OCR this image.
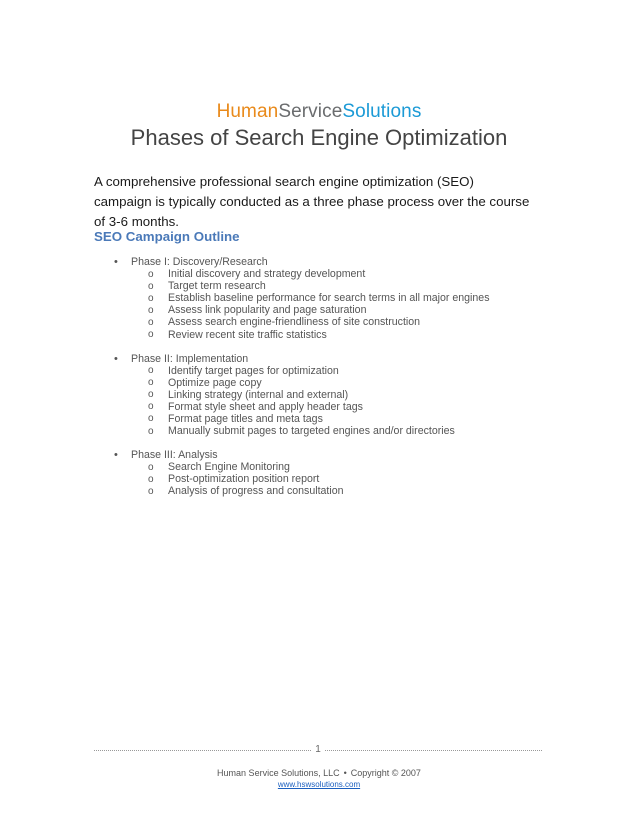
HumanServiceSolutions
Phases of Search Engine Optimization
A comprehensive professional search engine optimization (SEO) campaign is typically conducted as a three phase process over the course of 3-6 months.
SEO Campaign Outline
•	Phase I: Discovery/Research
o	Initial discovery and strategy development
o	Target term research
o	Establish baseline performance for search terms in all major engines
o	Assess link popularity and page saturation
o	Assess search engine-friendliness of site construction
o	Review recent site traffic statistics
•	Phase II: Implementation
o	Identify target pages for optimization
o	Optimize page copy
o	Linking strategy (internal and external)
o	Format style sheet and apply header tags
o	Format page titles and meta tags
o	Manually submit pages to targeted engines and/or directories
•	Phase III: Analysis
o	Search Engine Monitoring
o	Post-optimization position report
o	Analysis of progress and consultation
1
Human Service Solutions, LLC • Copyright © 2007
www.hswsolutions.com
